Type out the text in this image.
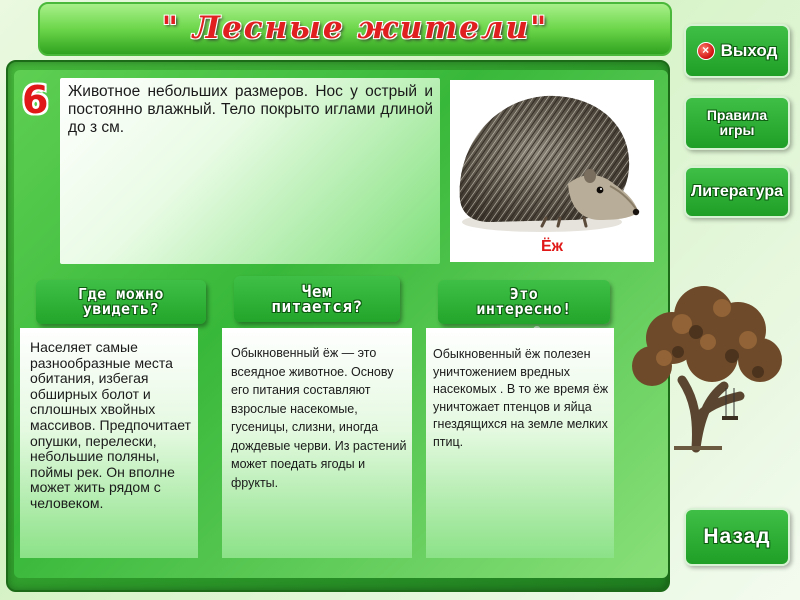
" Лесные жители"
6	Животное небольших размеров. Нос у острый и постоянно влажный. Тело покрыто иглами длиной до з см.
Ёж
Где можно
увидеть?
Чем
питается?
Это
интересно!
Населяет самые разнообразные места обитания, избегая обширных болот и сплошных хвойных массивов. Предпочитает опушки, перелески, небольшие поляны, поймы рек. Он вполне может жить рядом с человеком.
Обыкновенный ёж — это всеядное животное. Основу его питания составляют взрослые насекомые, гусеницы, слизни, иногда дождевые черви. Из растений может поедать ягоды и фрукты.
Обыкновенный ёж полезен уничтожением вредных насекомых . В то же время ёж уничтожает птенцов и яйца гнездящихся на земле мелких птиц.
× Выход
Правила
игры
Литература
Назад
